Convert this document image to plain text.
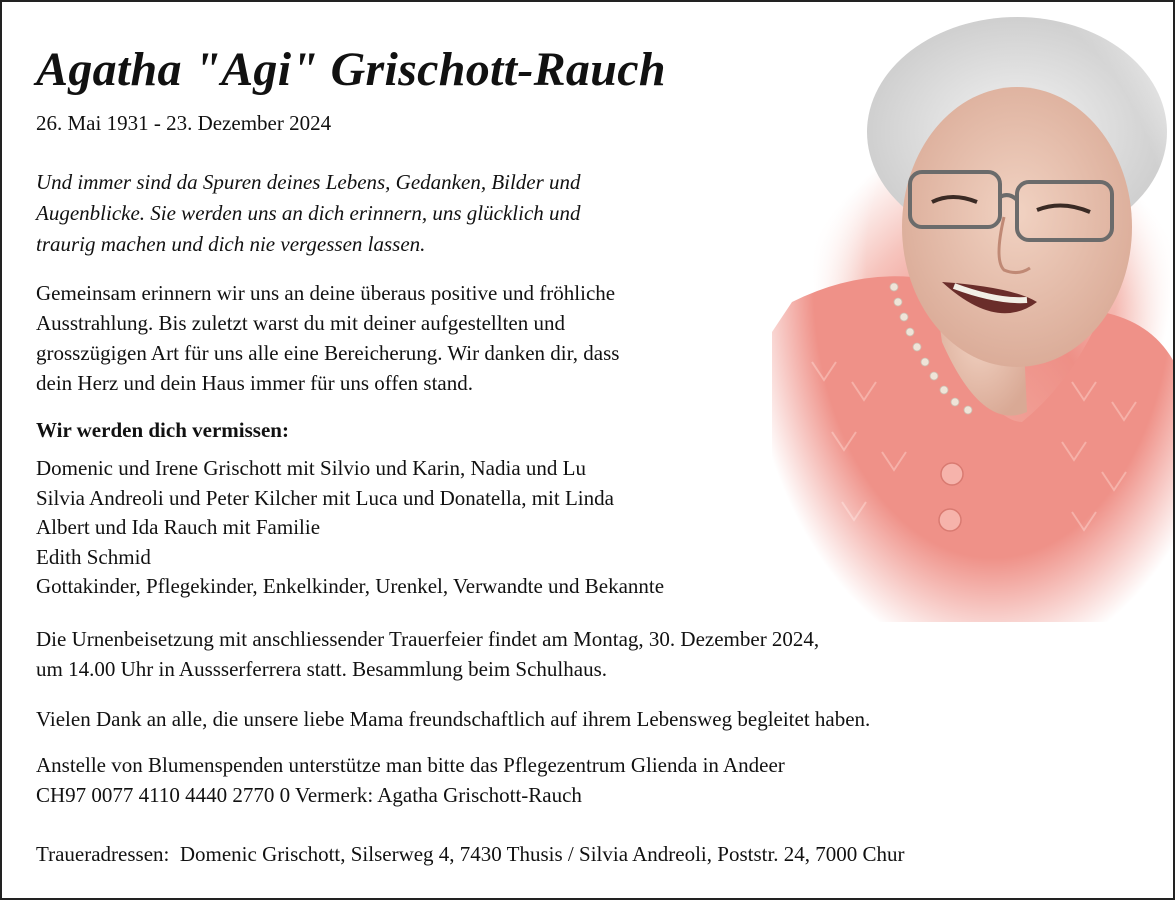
Agatha "Agi" Grischott-Rauch
26. Mai 1931 - 23. Dezember 2024
Und immer sind da Spuren deines Lebens, Gedanken, Bilder und
Augenblicke. Sie werden uns an dich erinnern, uns glücklich und
traurig machen und dich nie vergessen lassen.
Gemeinsam erinnern wir uns an deine überaus positive und fröhliche
Ausstrahlung. Bis zuletzt warst du mit deiner aufgestellten und
grosszügigen Art für uns alle eine Bereicherung. Wir danken dir, dass
dein Herz und dein Haus immer für uns offen stand.
Wir werden dich vermissen:
Domenic und Irene Grischott mit Silvio und Karin, Nadia und Lu
Silvia Andreoli und Peter Kilcher mit Luca und Donatella, mit Linda
Albert und Ida Rauch mit Familie
Edith Schmid
Gottakinder, Pflegekinder, Enkelkinder, Urenkel, Verwandte und Bekannte
Die Urnenbeisetzung mit anschliessender Trauerfeier findet am Montag, 30. Dezember 2024,
um 14.00 Uhr in Aussserferrera statt. Besammlung beim Schulhaus.
Vielen Dank an alle, die unsere liebe Mama freundschaftlich auf ihrem Lebensweg begleitet haben.
Anstelle von Blumenspenden unterstütze man bitte das Pflegezentrum Glienda in Andeer
CH97 0077 4110 4440 2770 0 Vermerk: Agatha Grischott-Rauch
Traueradressen:  Domenic Grischott, Silserweg 4, 7430 Thusis / Silvia Andreoli, Poststr. 24, 7000 Chur
